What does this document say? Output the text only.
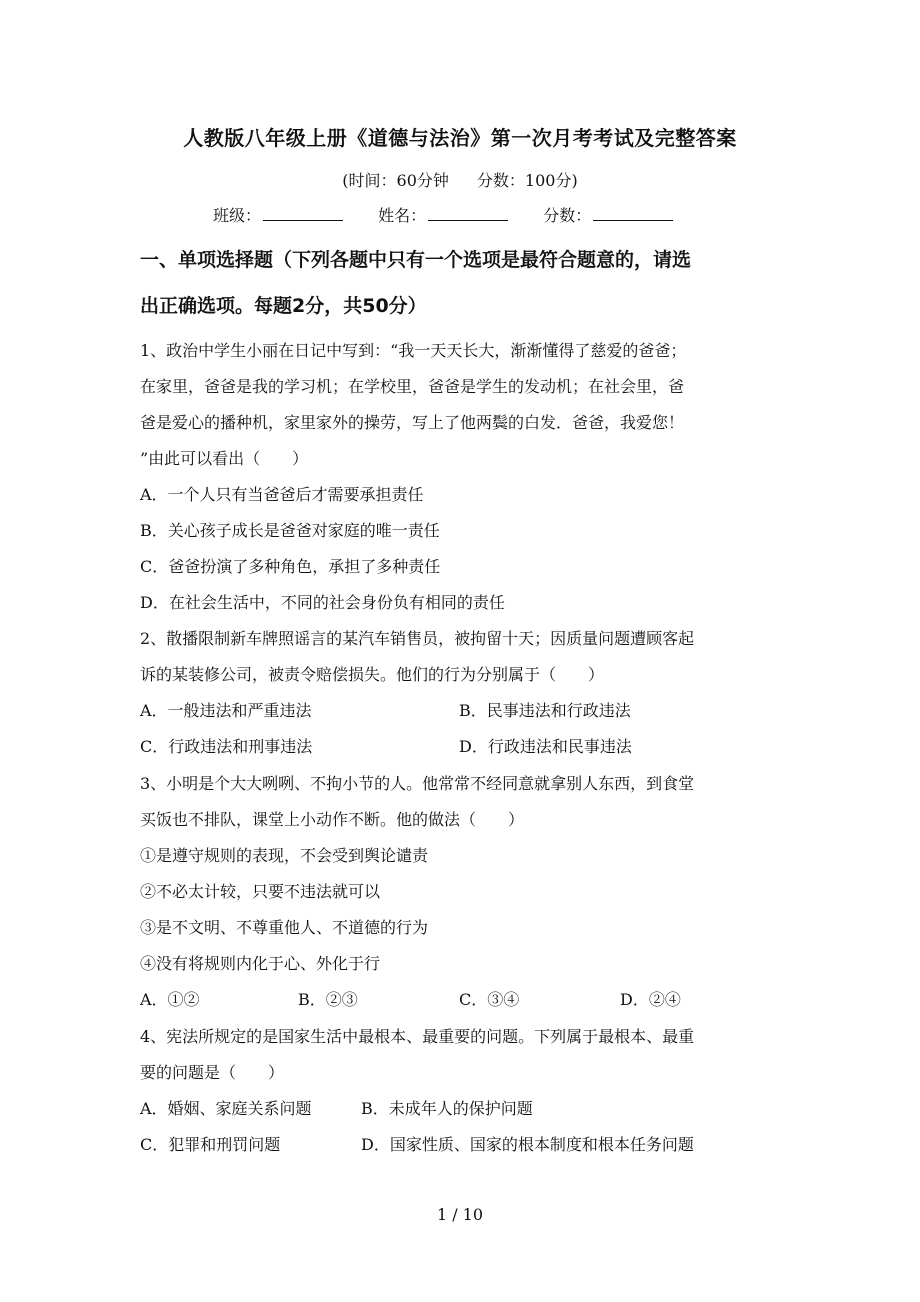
人教版八年级上册《道德与法治》第一次月考考试及完整答案
(时间：60分钟 分数：100分)
班级：	姓名：	分数：
一、单项选择题（下列各题中只有一个选项是最符合题意的，请选
出正确选项。每题2分，共50分）
1、政治中学生小丽在日记中写到：“我一天天长大，渐渐懂得了慈爱的爸爸；
在家里，爸爸是我的学习机；在学校里，爸爸是学生的发动机；在社会里，爸
爸是爱心的播种机，家里家外的操劳，写上了他两鬓的白发．爸爸，我爱您！
”由此可以看出（　　）
A．一个人只有当爸爸后才需要承担责任
B．关心孩子成长是爸爸对家庭的唯一责任
C．爸爸扮演了多种角色，承担了多种责任
D．在社会生活中，不同的社会身份负有相同的责任
2、散播限制新车牌照谣言的某汽车销售员，被拘留十天；因质量问题遭顾客起
诉的某装修公司，被责令赔偿损失。他们的行为分别属于（　　）
A．一般违法和严重违法	B．民事违法和行政违法
C．行政违法和刑事违法	D．行政违法和民事违法
3、小明是个大大咧咧、不拘小节的人。他常常不经同意就拿别人东西，到食堂
买饭也不排队，课堂上小动作不断。他的做法（　　）
①是遵守规则的表现，不会受到舆论谴责
②不必太计较，只要不违法就可以
③是不文明、不尊重他人、不道德的行为
④没有将规则内化于心、外化于行
A．①②	B．②③	C．③④	D．②④
4、宪法所规定的是国家生活中最根本、最重要的问题。下列属于最根本、最重
要的问题是（　　）
A．婚姻、家庭关系问题	B．未成年人的保护问题
C．犯罪和刑罚问题	D．国家性质、国家的根本制度和根本任务问题
1 / 10
